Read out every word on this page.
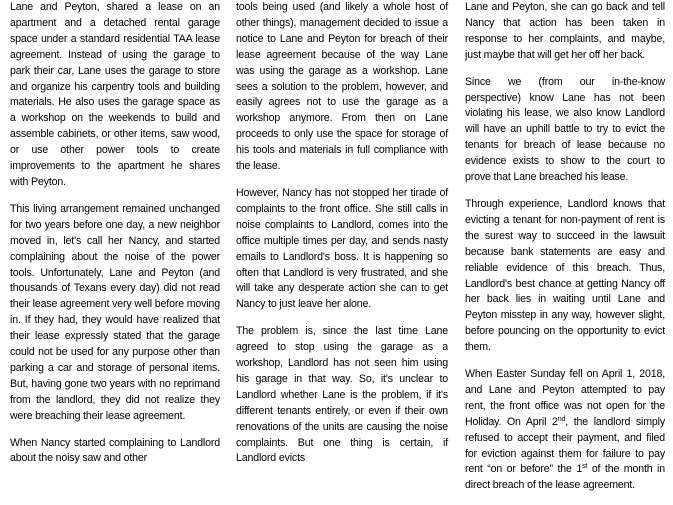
Lane and Peyton, shared a lease on an apartment and a detached rental garage space under a standard residential TAA lease agreement. Instead of using the garage to park their car, Lane uses the garage to store and organize his carpentry tools and building materials. He also uses the garage space as a workshop on the weekends to build and assemble cabinets, or other items, saw wood, or use other power tools to create improvements to the apartment he shares with Peyton.

This living arrangement remained unchanged for two years before one day, a new neighbor moved in, let's call her Nancy, and started complaining about the noise of the power tools. Unfortunately, Lane and Peyton (and thousands of Texans every day) did not read their lease agreement very well before moving in. If they had, they would have realized that their lease expressly stated that the garage could not be used for any purpose other than parking a car and storage of personal items. But, having gone two years with no reprimand from the landlord, they did not realize they were breaching their lease agreement.

When Nancy started complaining to Landlord about the noisy saw and other

tools being used (and likely a whole host of other things), management decided to issue a notice to Lane and Peyton for breach of their lease agreement because of the way Lane was using the garage as a workshop. Lane sees a solution to the problem, however, and easily agrees not to use the garage as a workshop anymore. From then on Lane proceeds to only use the space for storage of his tools and materials in full compliance with the lease.

However, Nancy has not stopped her tirade of complaints to the front office. She still calls in noise complaints to Landlord, comes into the office multiple times per day, and sends nasty emails to Landlord's boss. It is happening so often that Landlord is very frustrated, and she will take any desperate action she can to get Nancy to just leave her alone.

The problem is, since the last time Lane agreed to stop using the garage as a workshop, Landlord has not seen him using his garage in that way. So, it's unclear to Landlord whether Lane is the problem, if it's different tenants entirely, or even if their own renovations of the units are causing the noise complaints. But one thing is certain, if Landlord evicts

Lane and Peyton, she can go back and tell Nancy that action has been taken in response to her complaints, and maybe, just maybe that will get her off her back.

Since we (from our in-the-know perspective) know Lane has not been violating his lease, we also know Landlord will have an uphill battle to try to evict the tenants for breach of lease because no evidence exists to show to the court to prove that Lane breached his lease.

Through experience, Landlord knows that evicting a tenant for non-payment of rent is the surest way to succeed in the lawsuit because bank statements are easy and reliable evidence of this breach. Thus, Landlord's best chance at getting Nancy off her back lies in waiting until Lane and Peyton misstep in any way, however slight, before pouncing on the opportunity to evict them.

When Easter Sunday fell on April 1, 2018, and Lane and Peyton attempted to pay rent, the front office was not open for the Holiday. On April 2nd, the landlord simply refused to accept their payment, and filed for eviction against them for failure to pay rent “on or before” the 1st of the month in direct breach of the lease agreement.
